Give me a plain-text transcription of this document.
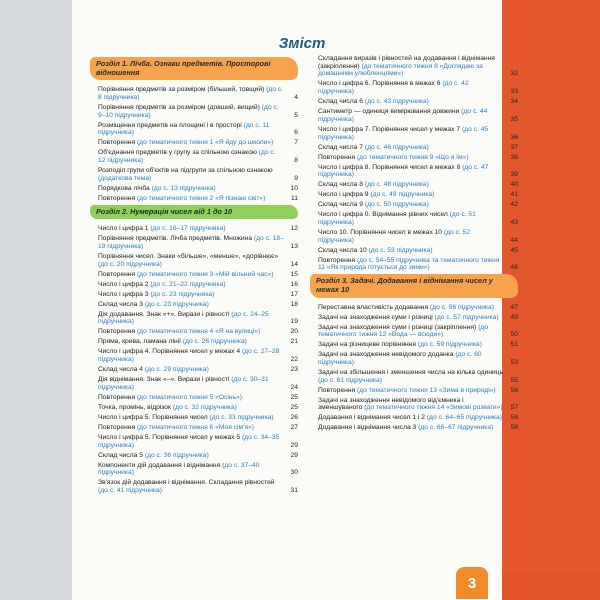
Зміст
Розділ 1. Лічба. Ознаки предметів. Просторові відношення
Порівняння предметів за розміром (більший, товщий) (до с. 8 підручника)	4
Порівняння предметів за розміром (довший, вищий) (до с. 9–10 підручника)	5
Розміщення предметів на площині і в просторі (до с. 11 підручника)	6
Повторення (до тематичного тижня 1 «Я йду до школи»)	7
Об'єднання предметів у групу за спільною ознакою (до с. 12 підручника)	8
Розподіл групи об'єктів на підгрупи за спільною ознакою (додаткова тема)	9
Порядкова лічба (до с. 13 підручника)	10
Повторення (до тематичного тижня 2 «Я пізнаю світ»)	11
Розділ 2. Нумерація чисел від 1 до 10
Число і цифра 1 (до с. 16–17 підручника)	12
Порівняння предметів. Лічба предметів. Множина (до с. 18–19 підручника)	13
Порівняння чисел. Знаки «більше», «менше», «дорівнює» (до с. 20 підручника)	14
Повторення (до тематичного тижня 3 «Мій вільний час»)	15
Число і цифра 2 (до с. 21–22 підручника)	16
Число і цифра 3 (до с. 23 підручника)	17
Склад числа 3 (до с. 23 підручника)	18
Дія додавання. Знак «+». Вирази і рівності (до с. 24–25 підручника)	19
Повторення (до тематичного тижня 4 «Я на вулиці»)	20
Пряма, крива, ламана лінії (до с. 26 підручника)	21
Число і цифра 4. Порівняння чисел у межах 4 (до с. 27–28 підручника)	22
Склад числа 4 (до с. 29 підручника)	23
Дія віднімання. Знак «–». Вирази і рівності (до с. 30–31 підручника)	24
Повторення (до тематичного тижня 5 «Осінь»)	25
Точка, промінь, відрізок (до с. 32 підручника)	25
Число і цифра 5. Порівняння чисел (до с. 33 підручника)	26
Повторення (до тематичного тижня 6 «Моя сім'я»)	27
Число і цифра 5. Порівняння чисел у межах 5 (до с. 34–35 підручника)	29
Склад числа 5 (до с. 36 підручника)	29
Компоненти дій додавання і віднімання (до с. 37–40 підручника)	30
Зв'язок дій додавання і віднімання. Складання рівностей (до с. 41 підручника)	31
Складання виразів і рівностей на додавання і віднімання (закріплення) (до тематичного тижня 8 «Доглядаю за домашніми улюбленцями»)	32
Число і цифра 6. Порівняння в межах 6 (до с. 42 підручника)	33
Склад числа 6 (до с. 43 підручника)	34
Сантиметр — одиниця вимірювання довжини (до с. 44 підручника)	35
Число і цифра 7. Порівняння чисел у межах 7 (до с. 45 підручника)	36
Склад числа 7 (до с. 46 підручника)	37
Повторення (до тематичного тижня 9 «Що я їм»)	38
Число і цифра 8. Порівняння чисел в межах 8 (до с. 47 підручника)	39
Склад числа 8 (до с. 48 підручника)	40
Число і цифра 9 (до с. 49 підручника)	41
Склад числа 9 (до с. 50 підручника)	42
Число і цифра 0. Віднімання рівних чисел (до с. 51 підручника)	43
Число 10. Порівняння чисел в межах 10 (до с. 52 підручника)	44
Склад числа 10 (до с. 53 підручника)	45
Повторення (до с. 54–55 підручника та тематичного тижня 11 «Як природа готується до зими»)	46
Розділ 3. Задачі. Додавання і віднімання чисел у межах 10
Переставна властивість додавання (до с. 56 підручника) 47
Задачі на знаходження суми і різниці (до с. 57 підручника) 49
Задачі на знаходження суми і різниці (закріплення) (до тематичного тижня 12 «Вода — всюди»)	50
Задачі на різницеве порівняння (до с. 59 підручника)	51
Задачі на знаходження невідомого доданка (до с. 60 підручника)	53
Задачі на збільшення і зменшення числа на кілька одиниць (до с. 61 підручника)	55
Повторення (до тематичного тижня 13 «Зима в природі») 56
Задачі на знаходження невідомого від'ємника і зменшуваного (до тематичного тижня 14 «Зимові розваги») 57
Додавання і віднімання чисел 1 і 2 (до с. 64–65 підручника) 58
Додавання і віднімання числа 3 (до с. 66–67 підручника)	58
3
